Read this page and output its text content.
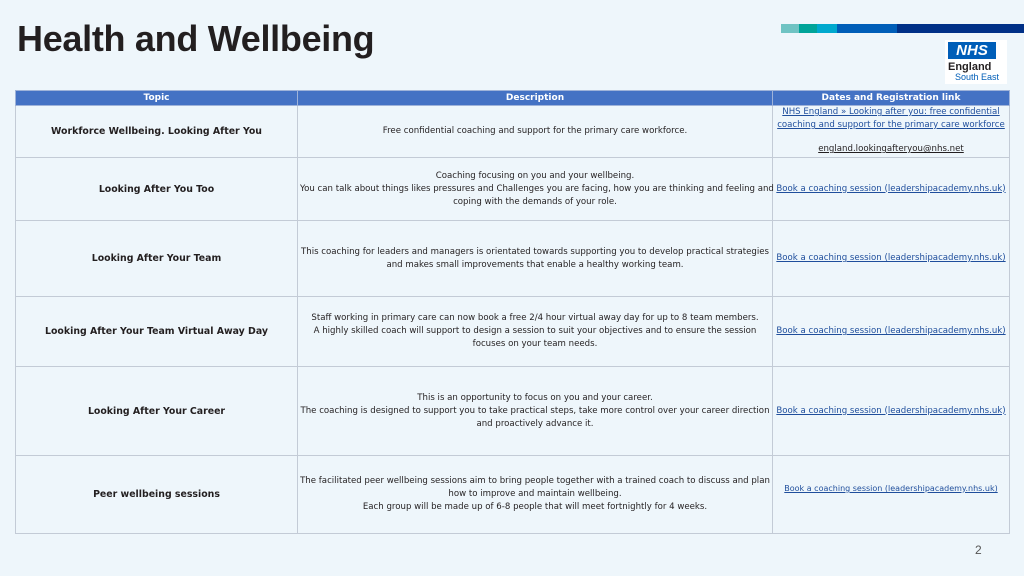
Health and Wellbeing	NHS
England
South East
Topic	Description	Dates and Registration link
Workforce Wellbeing. Looking After You	Free confidential coaching and support for the primary care workforce.	NHS England » Looking after you: free confidential
coaching and support for the primary care workforce
england.lookingafteryou@nhs.net

Looking After You Too	Coaching focusing on you and your wellbeing.
You can talk about things likes pressures and Challenges you are facing, how you are thinking and feeling and
coping with the demands of your role.	Book a coaching session (leadershipacademy.nhs.uk)
Looking After Your Team	This coaching for leaders and managers is orientated towards supporting you to develop practical strategies
and makes small improvements that enable a healthy working team.	Book a coaching session (leadershipacademy.nhs.uk)
Looking After Your Team Virtual Away Day	Staff working in primary care can now book a free 2/4 hour virtual away day for up to 8 team members.
A highly skilled coach will support to design a session to suit your objectives and to ensure the session
focuses on your team needs.	Book a coaching session (leadershipacademy.nhs.uk)
Looking After Your Career	This is an opportunity to focus on you and your career.
The coaching is designed to support you to take practical steps, take more control over your career direction
and proactively advance it.	Book a coaching session (leadershipacademy.nhs.uk)
Peer wellbeing sessions	The facilitated peer wellbeing sessions aim to bring people together with a trained coach to discuss and plan
how to improve and maintain wellbeing.
Each group will be made up of 6-8 people that will meet fortnightly for 4 weeks.	Book a coaching session (leadershipacademy.nhs.uk)
2
